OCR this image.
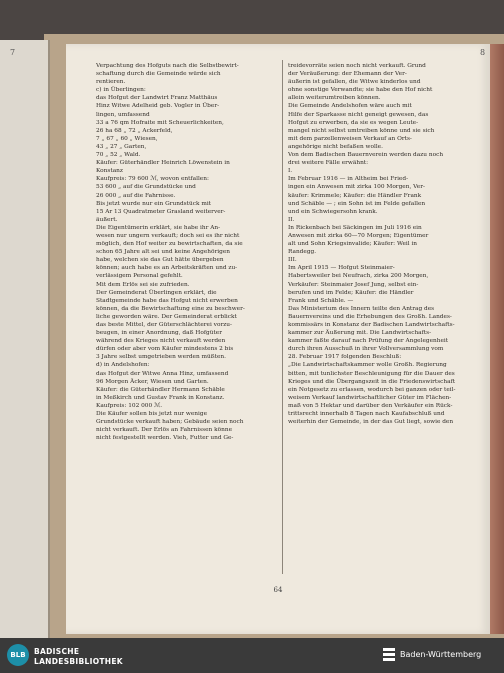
7	8
Verpachtung des Hofguts nach die Selbstbewirt-
schaftung durch die Gemeinde würde sich
rentieren.
c) in Überlingen:
das Hofgut der Landwirt Franz Matthäus
Hinz Witwe Adelheid geb. Vogler in Über-
lingen, umfassend
33 a 76 qm Hofraite mit Scheuerlichkeiten,
26 ha 68 „ 72 „ Ackerfeld,
7 „ 67 „ 60 „ Wiesen,
43 „ 27 „ Garten,
70 „ 52 „ Wald.
Käufer: Güterhändler Heinrich Löwenstein in
Konstanz
Kaufpreis: 79 600 ℳ, wovon entfallen:
53 600 „ auf die Grundstücke und
26 000 „ auf die Fahrnisse.
Bis jetzt wurde nur ein Grundstück mit
15 Ar 13 Quadratmeter Grasland weiterver-
äußert.
Die Eigentümerin erklärt, sie habe ihr An-
wesen nur ungern verkauft; doch sei es ihr nicht
möglich, den Hof weiter zu bewirtschaften, da sie
schon 65 Jahre alt sei und keine Angehörigen
habe, welchen sie das Gut hätte übergeben
können; auch habe es an Arbeitskräften und zu-
verlässigem Personal gefehlt.
Mit dem Erlös sei sie zufrieden.
Der Gemeinderat Überlingen erklärt, die
Stadtgemeinde habe das Hofgut nicht erwerben
können, da die Bewirtschaftung eine zu beschwer-
liche geworden wäre. Der Gemeinderat erblickt
das beste Mittel, der Güterschlächterei vorzu-
beugen, in einer Anordnung, daß Hofgüter
während des Krieges nicht verkauft werden
dürfen oder aber vom Käufer mindestens 2 bis
3 Jahre selbst umgetrieben werden müßten.
d) in Andelshofen:
das Hofgut der Witwe Anna Hinz, umfassend
96 Morgen Äcker, Wiesen und Garten.
Käufer: die Güterhändler Hermann Schäble
in Meßkirch und Gustav Frank in Konstanz.
Kaufpreis: 102 000 ℳ.
Die Käufer sollen bis jetzt nur wenige
Grundstücke verkauft haben; Gebäude seien noch
nicht verkauft. Der Erlös an Fahrnissen könne
nicht festgestellt werden. Vieh, Futter und Ge-
treidevorräte seien noch nicht verkauft. Grund
der Veräußerung: der Ehemann der Ver-
äußerin ist gefallen, die Witwe kinderlos und
ohne sonstige Verwandte; sie habe den Hof nicht
allein weiterumtreiben können.
Die Gemeinde Andelshofen wäre auch mit
Hilfe der Sparkasse nicht geneigt gewesen, das
Hofgut zu erwerben, da sie es wegen Leute-
mangel nicht selbst umtreiben könne und sie sich
mit dem parzellenweisen Verkauf an Orts-
angehörige nicht befaßen wolle.
Von dem Badischen Bauernverein werden dazu noch
drei weitere Fälle erwähnt:
I.
Im Februar 1916 — in Altheim bei Fried-
ingen ein Anwesen mit zirka 100 Morgen, Ver-
käufer: Krimmele; Käufer: die Händler Frank
und Schäble — ; ein Sohn ist im Felde gefallen
und ein Schwiegersohn krank.
II.
In Rickenbach bei Säckingen im Juli 1916 ein
Anwesen mit zirka 60—70 Morgen; Eigentümer
alt und Sohn Kriegsinvalide; Käufer: Weil in
Randegg.
III.
Im April 1915 — Hofgut Steinmaier-
Habertsweiler bei Neufrach, zirka 200 Morgen,
Verkäufer: Steinmaier Josef Jung, selbst ein-
berufen und im Felde; Käufer: die Händler
Frank und Schäble. —
Das Ministerium des Innern teilte den Antrag des
Bauernvereins und die Erhebungen des Großh. Landes-
kommissärs in Konstanz der Badischen Landwirtschafts-
kammer zur Äußerung mit. Die Landwirtschafts-
kammer faßte darauf nach Prüfung der Angelegenheit
durch ihren Ausschuß in ihrer Vollversammlung vom
28. Februar 1917 folgenden Beschluß:
„Die Landwirtschaftskammer wolle Großh. Regierung
bitten, mit tunlichster Beschleunigung für die Dauer des
Krieges und die Übergangszeit in die Friedenswirtschaft
ein Notgesetz zu erlassen, wodurch bei ganzen oder teil-
weisem Verkauf landwirtschaftlicher Güter im Flächen-
maß von 5 Hektar und darüber den Verkäufer ein Rück-
trittsrecht innerhalb 8 Tagen nach Kaufabschluß und
weiterhin der Gemeinde, in der das Gut liegt, sowie den
64
BLB	BADISCHE
LANDESBIBLIOTHEK
Baden-Württemberg
